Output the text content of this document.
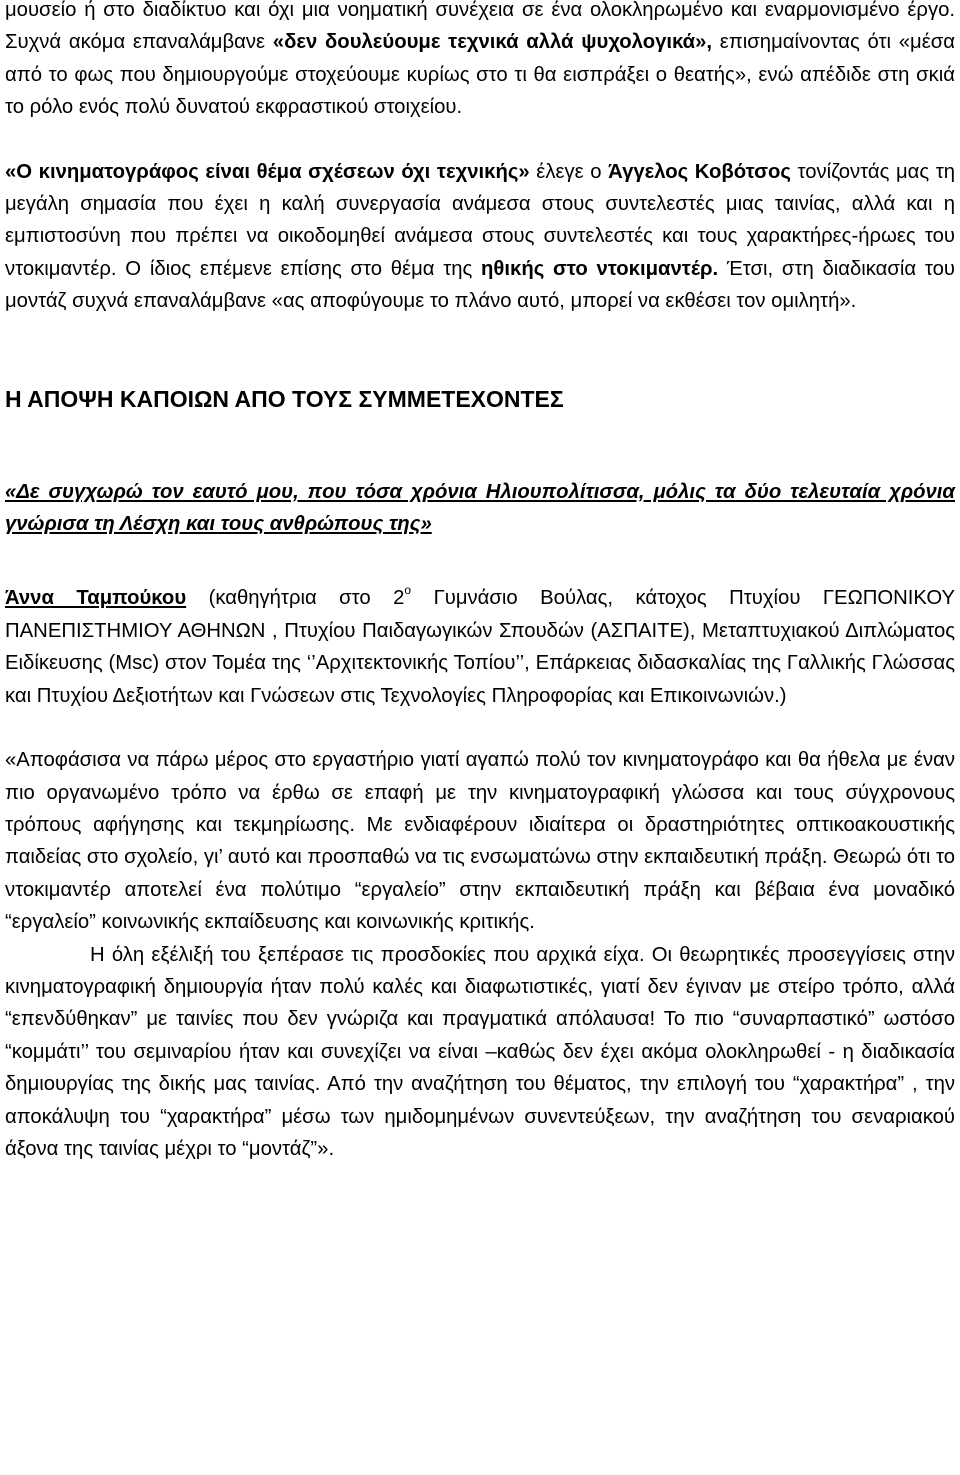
μουσείο ή στο διαδίκτυο και όχι μια νοηματική συνέχεια σε ένα ολοκληρωμένο και εναρμονισμένο έργο. Συχνά ακόμα επαναλάμβανε «δεν δουλεύουμε τεχνικά αλλά ψυχολογικά», επισημαίνοντας ότι «μέσα από το φως που δημιουργούμε στοχεύουμε κυρίως στο τι θα εισπράξει ο θεατής», ενώ απέδιδε στη σκιά το ρόλο ενός πολύ δυνατού εκφραστικού στοιχείου.

«Ο κινηματογράφος είναι θέμα σχέσεων όχι τεχνικής» έλεγε ο Άγγελος Κοβότσος τονίζοντάς μας τη μεγάλη σημασία που έχει η καλή συνεργασία ανάμεσα στους συντελεστές μιας ταινίας, αλλά και η εμπιστοσύνη που πρέπει να οικοδομηθεί ανάμεσα στους συντελεστές και τους χαρακτήρες-ήρωες του ντοκιμαντέρ. Ο ίδιος επέμενε επίσης στο θέμα της ηθικής στο ντοκιμαντέρ. Έτσι, στη διαδικασία του μοντάζ συχνά επαναλάμβανε «ας αποφύγουμε το πλάνο αυτό, μπορεί να εκθέσει τον ομιλητή».

Η ΑΠΟΨΗ ΚΑΠΟΙΩΝ ΑΠΟ ΤΟΥΣ ΣΥΜΜΕΤΕΧΟΝΤΕΣ

«Δε συγχωρώ τον εαυτό μου, που τόσα χρόνια Ηλιουπολίτισσα, μόλις τα δύο τελευταία χρόνια γνώρισα τη Λέσχη και τους ανθρώπους της»

Άννα Ταμπούκου (καθηγήτρια στο $2^o$ Γυμνάσιο Βούλας, κάτοχος Πτυχίου ΓΕΩΠΟΝΙΚΟΥ ΠΑΝΕΠΙΣΤΗΜΙΟΥ ΑΘΗΝΩΝ , Πτυχίου Παιδαγωγικών Σπουδών (ΑΣΠΑΙΤΕ), Μεταπτυχιακού Διπλώματος Ειδίκευσης (Msc) στον Τομέα της ‘’Αρχιτεκτονικής Τοπίου’’, Επάρκειας διδασκαλίας της Γαλλικής Γλώσσας και Πτυχίου Δεξιοτήτων και Γνώσεων στις Τεχνολογίες Πληροφορίας και Επικοινωνιών.)

«Αποφάσισα να πάρω μέρος στο εργαστήριο γιατί αγαπώ πολύ τον κινηματογράφο και θα ήθελα με έναν πιο οργανωμένο τρόπο να έρθω σε επαφή με την κινηματογραφική γλώσσα και τους σύγχρονους τρόπους αφήγησης και τεκμηρίωσης. Με ενδιαφέρουν ιδιαίτερα οι δραστηριότητες οπτικοακουστικής παιδείας στο σχολείο, γι’ αυτό και προσπαθώ να τις ενσωματώνω στην εκπαιδευτική πράξη. Θεωρώ ότι το ντοκιμαντέρ αποτελεί ένα πολύτιμο “εργαλείο” στην εκπαιδευτική πράξη και βέβαια ένα μοναδικό “εργαλείο” κοινωνικής εκπαίδευσης και κοινωνικής κριτικής.

Η όλη εξέλιξή του ξεπέρασε τις προσδοκίες που αρχικά είχα. Οι θεωρητικές προσεγγίσεις στην κινηματογραφική δημιουργία ήταν πολύ καλές και διαφωτιστικές, γιατί δεν έγιναν με στείρο τρόπο, αλλά “επενδύθηκαν” με ταινίες που δεν γνώριζα και πραγματικά απόλαυσα! Το πιο “συναρπαστικό” ωστόσο “κομμάτι’’ του σεμιναρίου ήταν και συνεχίζει να είναι –καθώς δεν έχει ακόμα ολοκληρωθεί - η διαδικασία δημιουργίας της δικής μας ταινίας. Από την αναζήτηση του θέματος, την επιλογή του “χαρακτήρα” , την αποκάλυψη του “χαρακτήρα” μέσω των ημιδομημένων συνεντεύξεων, την αναζήτηση του σεναριακού άξονα της ταινίας μέχρι το “μοντάζ”».
